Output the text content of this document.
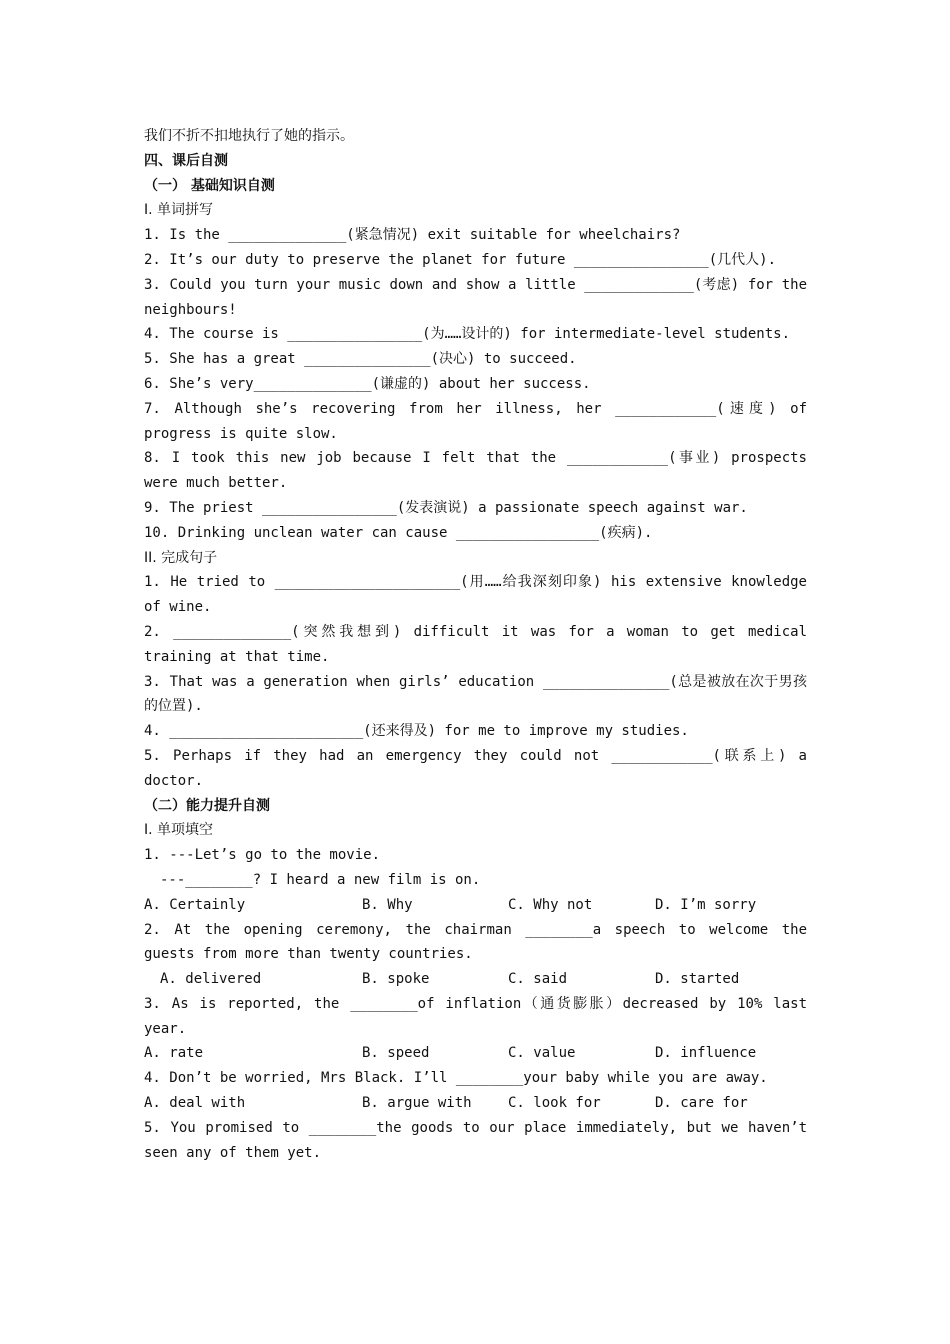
我们不折不扣地执行了她的指示。
四、课后自测
（一） 基础知识自测
I. 单词拼写
1. Is the ______________(紧急情况) exit suitable for wheelchairs?
2. It’s our duty to preserve the planet for future ________________(几代人).
3. Could you turn your music down and show a little _____________(考虑) for the neighbours!
4. The course is ________________(为……设计的) for intermediate-level students.
5. She has a great _______________(决心) to succeed.
6. She’s very______________(谦虚的) about her success.
7. Although she’s recovering from her illness, her ____________(速度) of progress is quite slow.
8. I took this new job because I felt that the ____________(事业) prospects were much better.
9. The priest ________________(发表演说) a passionate speech against war.
10. Drinking unclean water can cause _________________(疾病).
II. 完成句子
1. He tried to ______________________(用……给我深刻印象) his extensive knowledge of wine.
2. ______________(突然我想到) difficult it was for a woman to get medical training at that time.
3. That was a generation when girls’ education _______________(总是被放在次于男孩的位置).
4. _______________________(还来得及) for me to improve my studies.
5. Perhaps if they had an emergency they could not ____________(联系上) a doctor.
（二）能力提升自测
I. 单项填空
1. ---Let’s go to the movie.
---________? I heard a new film is on.
A. Certainly	B. Why	C. Why not	D. I’m sorry
2. At the opening ceremony, the chairman ________a speech to welcome the guests from more than twenty countries.
A. delivered	B. spoke	C. said	D. started
3. As is reported, the ________of inflation（通货膨胀）decreased by 10% last year.
A. rate	B. speed	C. value	D. influence
4. Don’t be worried, Mrs Black. I’ll ________your baby while you are away.
A. deal with	B. argue with	C. look for	D. care for
5. You promised to ________the goods to our place immediately, but we haven’t seen any of them yet.
